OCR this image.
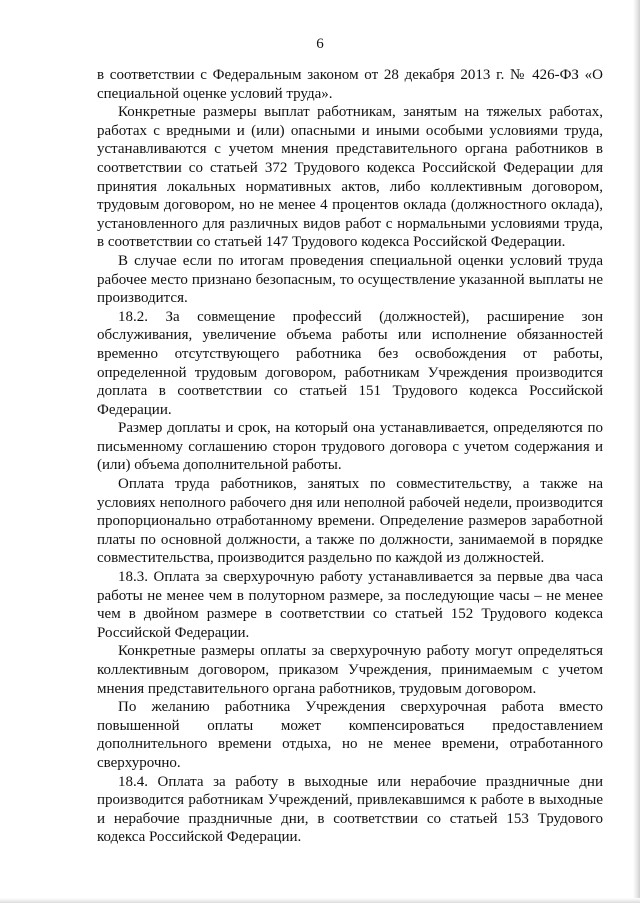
6

в соответствии с Федеральным законом от 28 декабря 2013 г. № 426-ФЗ «О специальной оценке условий труда».

Конкретные размеры выплат работникам, занятым на тяжелых работах, работах с вредными и (или) опасными и иными особыми условиями труда, устанавливаются с учетом мнения представительного органа работников в соответствии со статьей 372 Трудового кодекса Российской Федерации для принятия локальных нормативных актов, либо коллективным договором, трудовым договором, но не менее 4 процентов оклада (должностного оклада), установленного для различных видов работ с нормальными условиями труда, в соответствии со статьей 147 Трудового кодекса Российской Федерации.

В случае если по итогам проведения специальной оценки условий труда рабочее место признано безопасным, то осуществление указанной выплаты не производится.

18.2. За совмещение профессий (должностей), расширение зон обслуживания, увеличение объема работы или исполнение обязанностей временно отсутствующего работника без освобождения от работы, определенной трудовым договором, работникам Учреждения производится доплата в соответствии со статьей 151 Трудового кодекса Российской Федерации.

Размер доплаты и срок, на который она устанавливается, определяются по письменному соглашению сторон трудового договора с учетом содержания и (или) объема дополнительной работы.

Оплата труда работников, занятых по совместительству, а также на условиях неполного рабочего дня или неполной рабочей недели, производится пропорционально отработанному времени. Определение размеров заработной платы по основной должности, а также по должности, занимаемой в порядке совместительства, производится раздельно по каждой из должностей.

18.3. Оплата за сверхурочную работу устанавливается за первые два часа работы не менее чем в полуторном размере, за последующие часы – не менее чем в двойном размере в соответствии со статьей 152 Трудового кодекса Российской Федерации.

Конкретные размеры оплаты за сверхурочную работу могут определяться коллективным договором, приказом Учреждения, принимаемым с учетом мнения представительного органа работников, трудовым договором.

По желанию работника Учреждения сверхурочная работа вместо повышенной оплаты может компенсироваться предоставлением дополнительного времени отдыха, но не менее времени, отработанного сверхурочно.

18.4. Оплата за работу в выходные или нерабочие праздничные дни производится работникам Учреждений, привлекавшимся к работе в выходные и нерабочие праздничные дни, в соответствии со статьей 153 Трудового кодекса Российской Федерации.
